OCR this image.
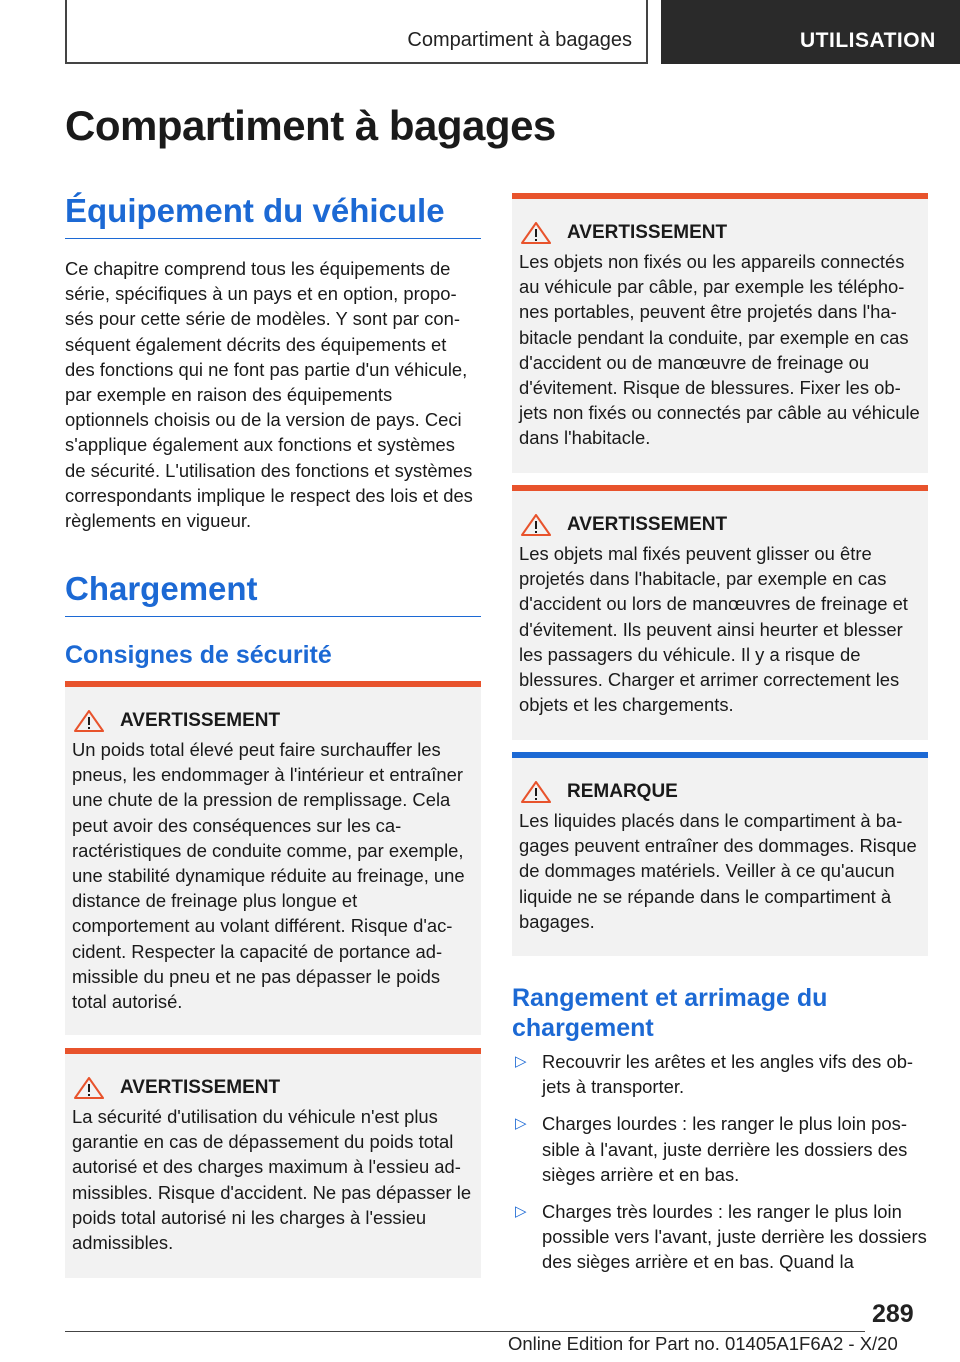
Compartiment à bagages	UTILISATION
Compartiment à bagages
Équipement du véhicule

Ce chapitre comprend tous les équipements de série, spécifiques à un pays et en option, proposés pour cette série de modèles. Y sont par conséquent également décrits des équipements et des fonctions qui ne font pas partie d'un véhicule, par exemple en raison des équipements optionnels choisis ou de la version de pays. Ceci s'applique également aux fonctions et systèmes de sécurité. L'utilisation des fonctions et systèmes correspondants implique le respect des lois et des règlements en vigueur.

Chargement
Consignes de sécurité
AVERTISSEMENT

Un poids total élevé peut faire surchauffer les pneus, les endommager à l'intérieur et entraîner une chute de la pression de remplissage. Cela peut avoir des conséquences sur les caractéristiques de conduite comme, par exemple, une stabilité dynamique réduite au freinage, une distance de freinage plus longue et comportement au volant différent. Risque d'accident. Respecter la capacité de portance admissible du pneu et ne pas dépasser le poids total autorisé.

AVERTISSEMENT

La sécurité d'utilisation du véhicule n'est plus garantie en cas de dépassement du poids total autorisé et des charges maximum à l'essieu admissibles. Risque d'accident. Ne pas dépasser le poids total autorisé ni les charges à l'essieu admissibles.

AVERTISSEMENT

Les objets non fixés ou les appareils connectés au véhicule par câble, par exemple les téléphones portables, peuvent être projetés dans l'habitacle pendant la conduite, par exemple en cas d'accident ou de manœuvre de freinage ou d'évitement. Risque de blessures. Fixer les objets non fixés ou connectés par câble au véhicule dans l'habitacle.

AVERTISSEMENT

Les objets mal fixés peuvent glisser ou être projetés dans l'habitacle, par exemple en cas d'accident ou lors de manœuvres de freinage et d'évitement. Ils peuvent ainsi heurter et blesser les passagers du véhicule. Il y a risque de blessures. Charger et arrimer correctement les objets et les chargements.

REMARQUE

Les liquides placés dans le compartiment à bagages peuvent entraîner des dommages. Risque de dommages matériels. Veiller à ce qu'aucun liquide ne se répande dans le compartiment à bagages.

Rangement et arrimage du chargement
▷ Recouvrir les arêtes et les angles vifs des objets à transporter.
▷ Charges lourdes : les ranger le plus loin possible à l'avant, juste derrière les dossiers des sièges arrière et en bas.
▷ Charges très lourdes : les ranger le plus loin possible vers l'avant, juste derrière les dossiers des sièges arrière et en bas. Quand la
289
Online Edition for Part no. 01405A1F6A2 - X/20
